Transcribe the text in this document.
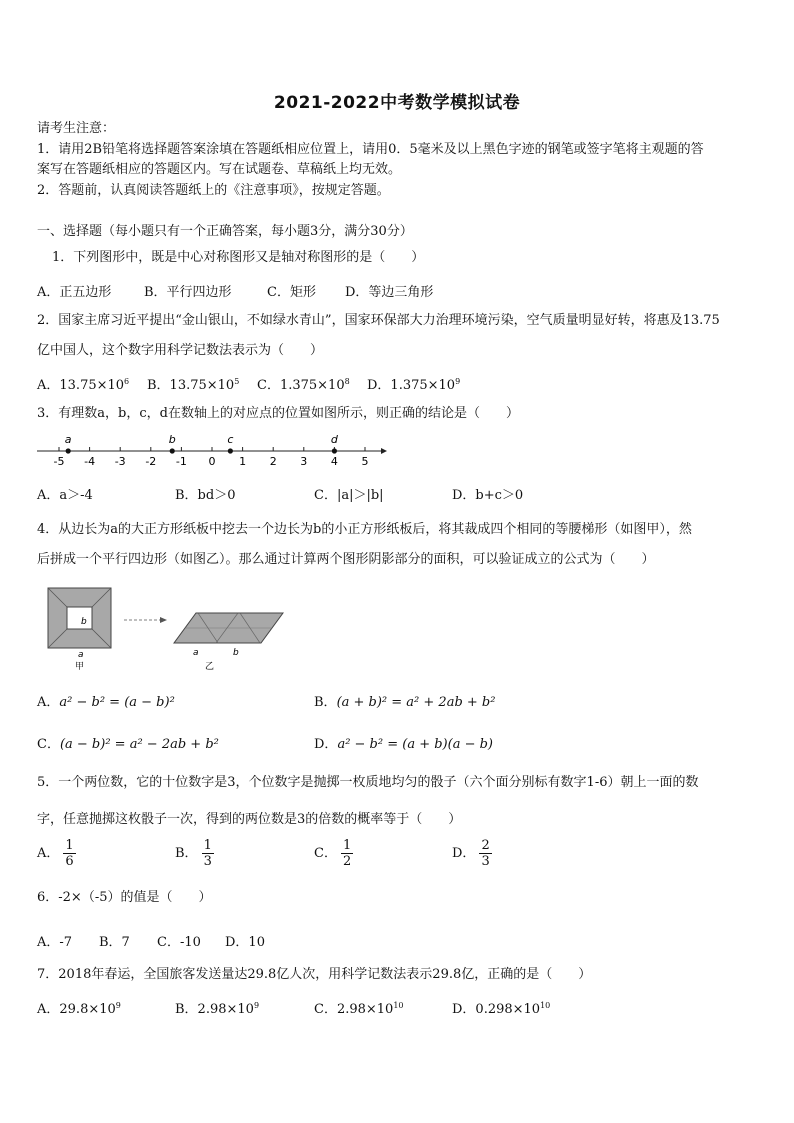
2021-2022中考数学模拟试卷
请考生注意：
1．请用2B铅笔将选择题答案涂填在答题纸相应位置上，请用0．5毫米及以上黑色字迹的钢笔或签字笔将主观题的答
案写在答题纸相应的答题区内。写在试题卷、草稿纸上均无效。
2．答题前，认真阅读答题纸上的《注意事项》，按规定答题。
一、选择题（每小题只有一个正确答案，每小题3分，满分30分）
1．下列图形中，既是中心对称图形又是轴对称图形的是（　　）
A．正五边形	B．平行四边形	C．矩形 D．等边三角形
2．国家主席习近平提出“金山银山，不如绿水青山”，国家环保部大力治理环境污染，空气质量明显好转，将惠及13.75
亿中国人，这个数字用科学记数法表示为（　　）
A．$13.75\times 10^6$ B．$13.75\times 10^5$ C．$1.375\times 10^8$ D．$1.375\times 10^9$
3．有理数a，b，c，d在数轴上的对应点的位置如图所示，则正确的结论是（　　）
-5 -4 -3 -2 -1 0 1 2 3 4 5
a	b	c	d
A．a＞-4	B．bd＞0	C．|a|＞|b|	D．b+c＞0
4．从边长为a的大正方形纸板中挖去一个边长为b的小正方形纸板后，将其裁成四个相同的等腰梯形（如图甲），然
后拼成一个平行四边形（如图乙）。那么通过计算两个图形阴影部分的面积，可以验证成立的公式为（　　）
b
a
甲
a	b
乙
A．a² − b² = (a − b)²	B．(a + b)² = a² + 2ab + b²
C．(a − b)² = a² − 2ab + b²	D．a² − b² = (a + b)(a − b)
5．一个两位数，它的十位数字是3，个位数字是抛掷一枚质地均匀的骰子（六个面分别标有数字1-6）朝上一面的数
字，任意抛掷这枚骰子一次，得到的两位数是3的倍数的概率等于（　　）
A． $\frac{1}{6}$	B． $\frac{1}{3}$	C． $\frac{1}{2}$	D． $\frac{2}{3}$
6．-2×（-5）的值是（　　）
A．-7 B．7 C．-10 D．10
7．2018年春运，全国旅客发送量达29.8亿人次，用科学记数法表示29.8亿，正确的是（　　）
A．$29.8\times 10^9$	B．$2.98\times 10^9$	C．$2.98\times 10^{10}$	D．$0.298\times 10^{10}$
